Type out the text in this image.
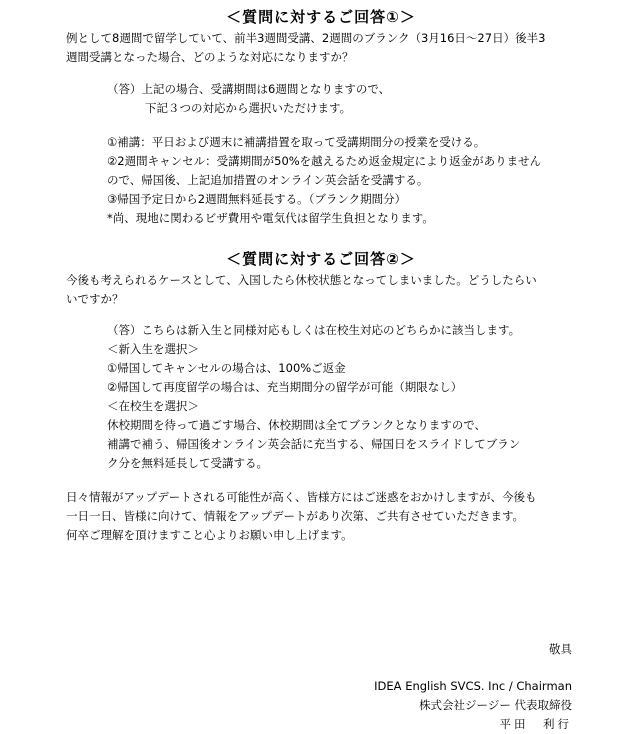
＜質問に対するご回答①＞

例として8週間で留学していて、前半3週間受講、2週間のブランク（3月16日〜27日）後半3

週間受講となった場合、どのような対応になりますか？

（答）上記の場合、受講期間は6週間となりますので、

下記３つの対応から選択いただけます。

①補講：平日および週末に補講措置を取って受講期間分の授業を受ける。

②2週間キャンセル：受講期間が50%を越えるため返金規定により返金がありません

ので、帰国後、上記追加措置のオンライン英会話を受講する。

③帰国予定日から2週間無料延長する。（ブランク期間分）

*尚、現地に関わるビザ費用や電気代は留学生負担となります。

＜質問に対するご回答②＞

今後も考えられるケースとして、入国したら休校状態となってしまいました。どうしたらい

いですか？

（答）こちらは新入生と同様対応もしくは在校生対応のどちらかに該当します。

＜新入生を選択＞

①帰国してキャンセルの場合は、100%ご返金

②帰国して再度留学の場合は、充当期間分の留学が可能（期限なし）

＜在校生を選択＞

休校期間を待って過ごす場合、休校期間は全てブランクとなりますので、

補講で補う、帰国後オンライン英会話に充当する、帰国日をスライドしてブラン

ク分を無料延長して受講する。

日々情報がアップデートされる可能性が高く、皆様方にはご迷惑をおかけしますが、今後も

一日一日、皆様に向けて、情報をアップデートがあり次第、ご共有させていただきます。

何卒ご理解を頂けますこと心よりお願い申し上げます。

敬具

IDEA English SVCS. Inc / Chairman

株式会社ジージー 代表取締役

平田　利行
